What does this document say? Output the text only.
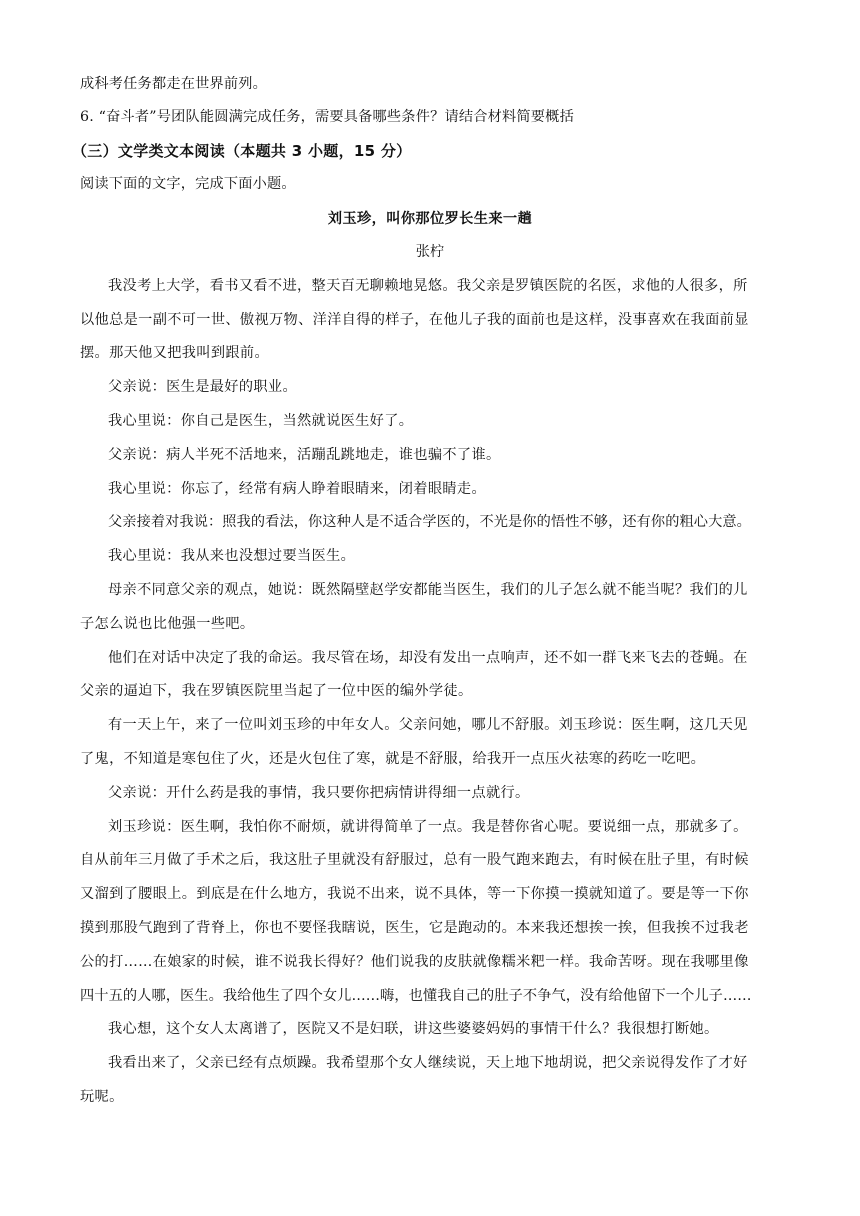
成科考任务都走在世界前列。
6. “奋斗者”号团队能圆满完成任务，需要具备哪些条件？请结合材料简要概括
（三）文学类文本阅读（本题共 3 小题，15 分）
阅读下面的文字，完成下面小题。
刘玉珍，叫你那位罗长生来一趟
张柠
我没考上大学，看书又看不进，整天百无聊赖地晃悠。我父亲是罗镇医院的名医，求他的人很多，所
以他总是一副不可一世、傲视万物、洋洋自得的样子，在他儿子我的面前也是这样，没事喜欢在我面前显
摆。那天他又把我叫到跟前。
父亲说：医生是最好的职业。
我心里说：你自己是医生，当然就说医生好了。
父亲说：病人半死不活地来，活蹦乱跳地走，谁也骗不了谁。
我心里说：你忘了，经常有病人睁着眼睛来，闭着眼睛走。
父亲接着对我说：照我的看法，你这种人是不适合学医的，不光是你的悟性不够，还有你的粗心大意。
我心里说：我从来也没想过要当医生。
母亲不同意父亲的观点，她说：既然隔壁赵学安都能当医生，我们的儿子怎么就不能当呢？我们的儿
子怎么说也比他强一些吧。
他们在对话中决定了我的命运。我尽管在场，却没有发出一点响声，还不如一群飞来飞去的苍蝇。在
父亲的逼迫下，我在罗镇医院里当起了一位中医的编外学徒。
有一天上午，来了一位叫刘玉珍的中年女人。父亲问她，哪儿不舒服。刘玉珍说：医生啊，这几天见
了鬼，不知道是寒包住了火，还是火包住了寒，就是不舒服，给我开一点压火祛寒的药吃一吃吧。
父亲说：开什么药是我的事情，我只要你把病情讲得细一点就行。
刘玉珍说：医生啊，我怕你不耐烦，就讲得简单了一点。我是替你省心呢。要说细一点，那就多了。
自从前年三月做了手术之后，我这肚子里就没有舒服过，总有一股气跑来跑去，有时候在肚子里，有时候
又溜到了腰眼上。到底是在什么地方，我说不出来，说不具体，等一下你摸一摸就知道了。要是等一下你
摸到那股气跑到了背脊上，你也不要怪我瞎说，医生，它是跑动的。本来我还想挨一挨，但我挨不过我老
公的打……在娘家的时候，谁不说我长得好？他们说我的皮肤就像糯米粑一样。我命苦呀。现在我哪里像
四十五的人哪，医生。我给他生了四个女儿……嗨，也懂我自己的肚子不争气，没有给他留下一个儿子……
我心想，这个女人太离谱了，医院又不是妇联，讲这些婆婆妈妈的事情干什么？我很想打断她。
我看出来了，父亲已经有点烦躁。我希望那个女人继续说，天上地下地胡说，把父亲说得发作了才好
玩呢。
